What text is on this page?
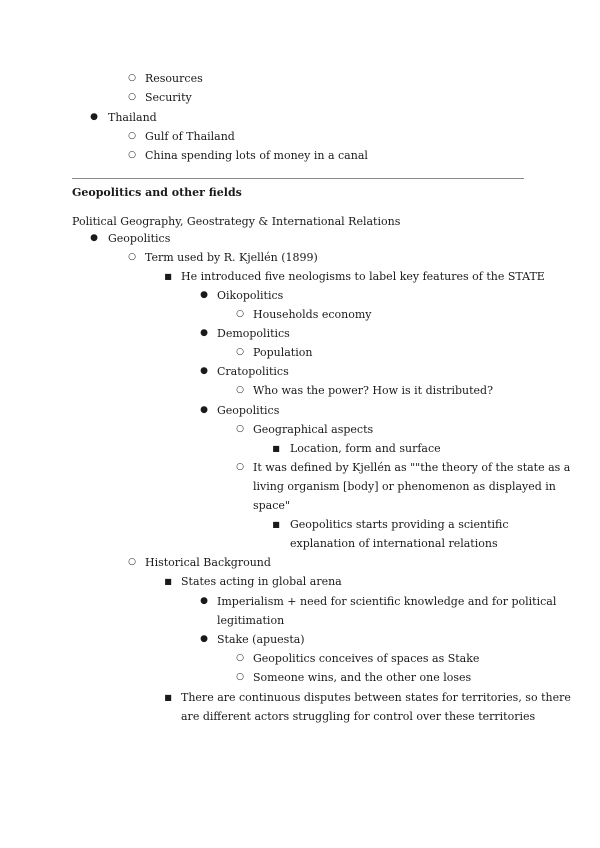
○ Resources
○ Security
● Thailand
○ Gulf of Thailand
○ China spending lots of money in a canal
Geopolitics and other fields
Political Geography, Geostrategy & International Relations
● Geopolitics
○ Term used by R. Kjellén (1899)
■ He introduced five neologisms to label key features of the STATE
● Oikopolitics
○ Households economy
● Demopolitics
○ Population
● Cratopolitics
○ Who was the power? How is it distributed?
● Geopolitics
○ Geographical aspects
■ Location, form and surface
○ It was defined by Kjellén as ""the theory of the state as a
living organism [body] or phenomenon as displayed in
space"
■ Geopolitics starts providing a scientific
explanation of international relations
○ Historical Background
■ States acting in global arena
● Imperialism + need for scientific knowledge and for political
legitimation
● Stake (apuesta)
○ Geopolitics conceives of spaces as Stake
○ Someone wins, and the other one loses
■ There are continuous disputes between states for territories, so there
are different actors struggling for control over these territories
